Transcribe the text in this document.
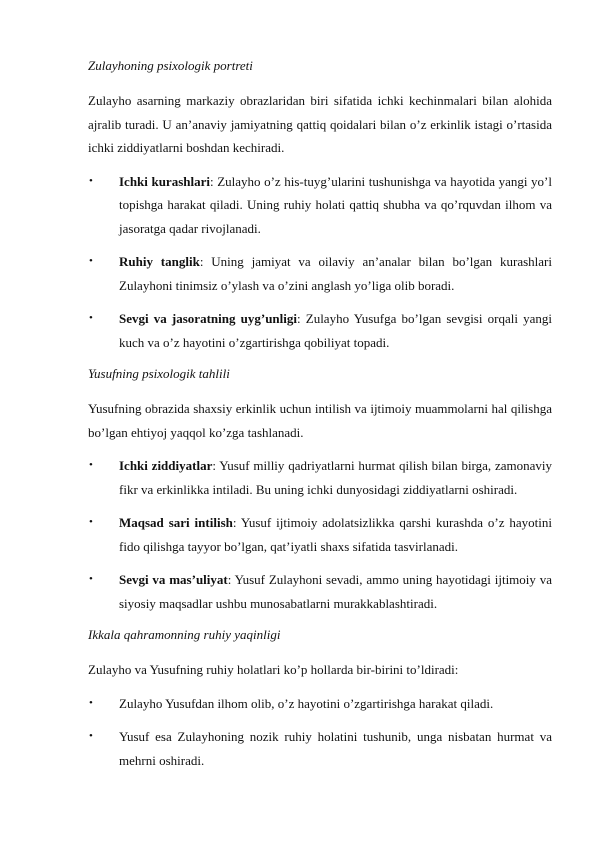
Zulayhoning psixologik portreti
Zulayho asarning markaziy obrazlaridan biri sifatida ichki kechinmalari bilan alohida ajralib turadi. U an’anaviy jamiyatning qattiq qoidalari bilan o’z erkinlik istagi o’rtasida ichki ziddiyatlarni boshdan kechiradi.
• Ichki kurashlari: Zulayho o’z his-tuyg’ularini tushunishga va hayotida yangi yo’l topishga harakat qiladi. Uning ruhiy holati qattiq shubha va qo’rquvdan ilhom va jasoratga qadar rivojlanadi.
• Ruhiy tanglik: Uning jamiyat va oilaviy an’analar bilan bo’lgan kurashlari Zulayhoni tinimsiz o’ylash va o’zini anglash yo’liga olib boradi.
• Sevgi va jasoratning uyg’unligi: Zulayho Yusufga bo’lgan sevgisi orqali yangi kuch va o’z hayotini o’zgartirishga qobiliyat topadi.
Yusufning psixologik tahlili
Yusufning obrazida shaxsiy erkinlik uchun intilish va ijtimoiy muammolarni hal qilishga bo’lgan ehtiyoj yaqqol ko’zga tashlanadi.
• Ichki ziddiyatlar: Yusuf milliy qadriyatlarni hurmat qilish bilan birga, zamonaviy fikr va erkinlikka intiladi. Bu uning ichki dunyosidagi ziddiyatlarni oshiradi.
• Maqsad sari intilish: Yusuf ijtimoiy adolatsizlikka qarshi kurashda o’z hayotini fido qilishga tayyor bo’lgan, qat’iyatli shaxs sifatida tasvirlanadi.
• Sevgi va mas’uliyat: Yusuf Zulayhoni sevadi, ammo uning hayotidagi ijtimoiy va siyosiy maqsadlar ushbu munosabatlarni murakkablashtiradi.
Ikkala qahramonning ruhiy yaqinligi
Zulayho va Yusufning ruhiy holatlari ko’p hollarda bir-birini to’ldiradi:
• Zulayho Yusufdan ilhom olib, o’z hayotini o’zgartirishga harakat qiladi.
• Yusuf esa Zulayhoning nozik ruhiy holatini tushunib, unga nisbatan hurmat va mehrni oshiradi.
